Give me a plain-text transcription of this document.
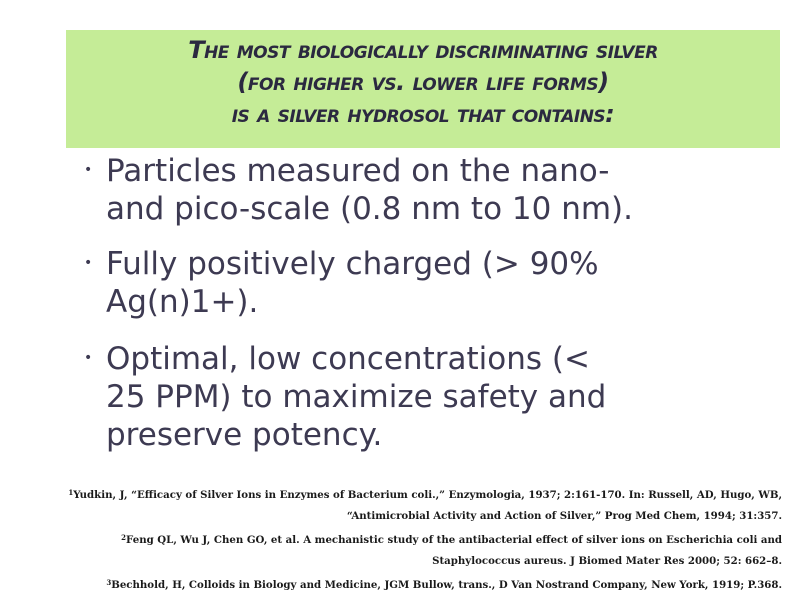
The most biologically discriminating silver
(for higher vs. lower life forms)
is a silver hydrosol that contains:
• Particles measured on the nano-
and pico-scale (0.8 nm to 10 nm).
• Fully positively charged (> 90%
Ag(n)1+).
• Optimal, low concentrations (<
25 PPM) to maximize safety and
preserve potency.

$^1$Yudkin, J, “Efficacy of Silver Ions in Enzymes of Bacterium coli.,” Enzymologia, 1937; 2:161-170. In: Russell, AD, Hugo, WB,

“Antimicrobial Activity and Action of Silver,” Prog Med Chem, 1994; 31:357.

$^2$Feng QL, Wu J, Chen GO, et al. A mechanistic study of the antibacterial effect of silver ions on Escherichia coli and

Staphylococcus aureus. J Biomed Mater Res 2000; 52: 662–8.

$^3$Bechhold, H, Colloids in Biology and Medicine, JGM Bullow, trans., D Van Nostrand Company, New York, 1919; P.368.
